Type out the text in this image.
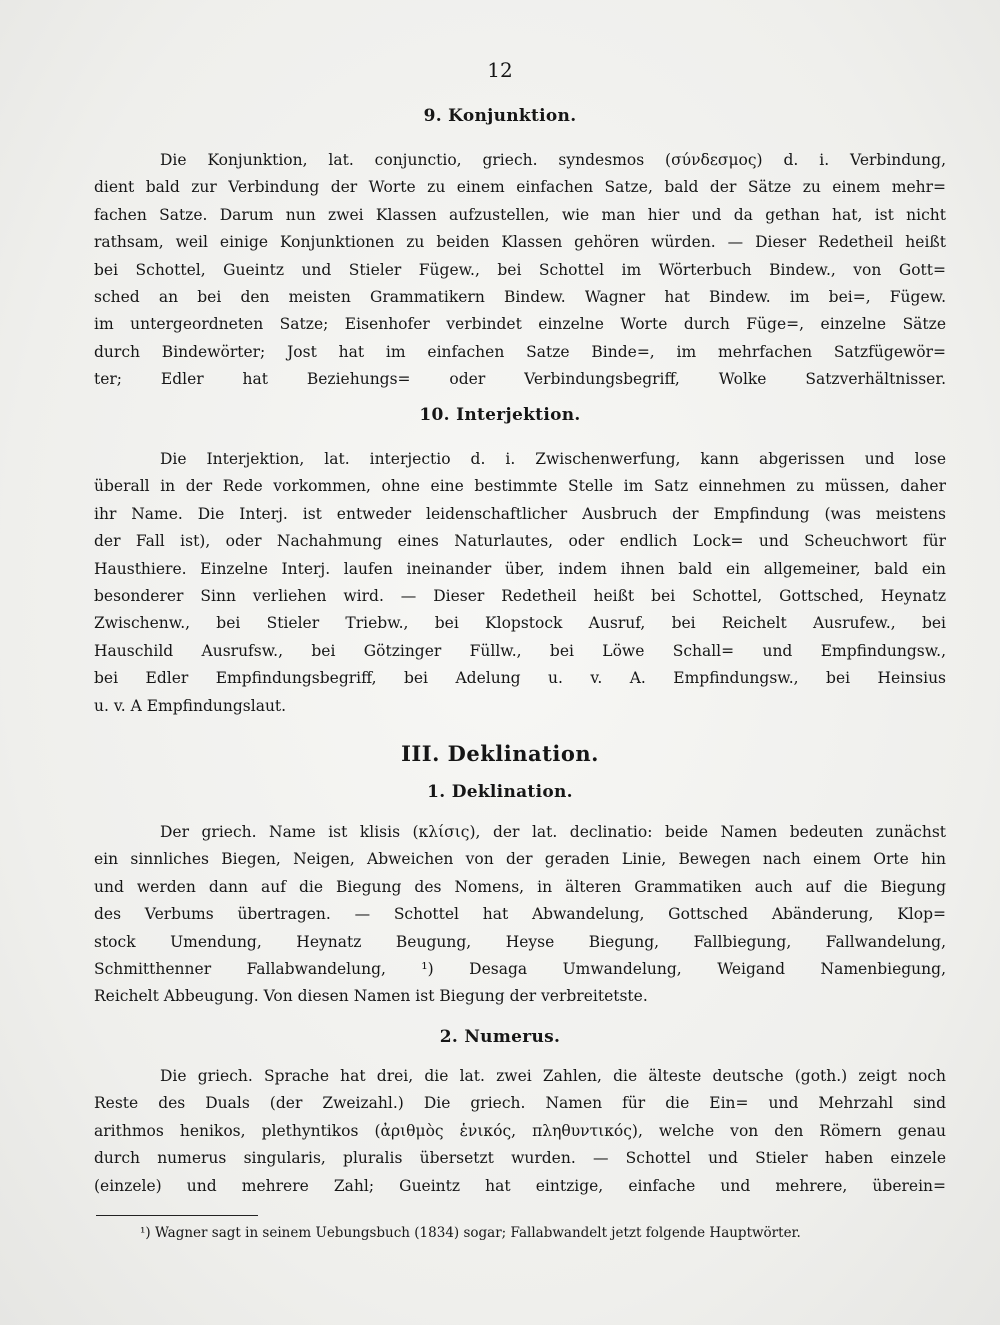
12
9. Konjunktion.
Die Konjunktion, lat. conjunctio, griech. syndesmos (σύνδεσμος) d. i. Verbindung,
dient bald zur Verbindung der Worte zu einem einfachen Satze, bald der Sätze zu einem mehr=
fachen Satze. Darum nun zwei Klassen aufzustellen, wie man hier und da gethan hat, ist nicht
rathsam, weil einige Konjunktionen zu beiden Klassen gehören würden. — Dieser Redetheil heißt
bei Schottel, Gueintz und Stieler Fügew., bei Schottel im Wörterbuch Bindew., von Gott=
sched an bei den meisten Grammatikern Bindew. Wagner hat Bindew. im bei=, Fügew.
im untergeordneten Satze; Eisenhofer verbindet einzelne Worte durch Füge=, einzelne Sätze
durch Bindewörter; Jost hat im einfachen Satze Binde=, im mehrfachen Satzfügewör=
ter; Edler hat Beziehungs= oder Verbindungsbegriff, Wolke Satzverhältnisser.
10. Interjektion.
Die Interjektion, lat. interjectio d. i. Zwischenwerfung, kann abgerissen und lose
überall in der Rede vorkommen, ohne eine bestimmte Stelle im Satz einnehmen zu müssen, daher
ihr Name. Die Interj. ist entweder leidenschaftlicher Ausbruch der Empfindung (was meistens
der Fall ist), oder Nachahmung eines Naturlautes, oder endlich Lock= und Scheuchwort für
Hausthiere. Einzelne Interj. laufen ineinander über, indem ihnen bald ein allgemeiner, bald ein
besonderer Sinn verliehen wird. — Dieser Redetheil heißt bei Schottel, Gottsched, Heynatz
Zwischenw., bei Stieler Triebw., bei Klopstock Ausruf, bei Reichelt Ausrufew., bei
Hauschild Ausrufsw., bei Götzinger Füllw., bei Löwe Schall= und Empfindungsw.,
bei Edler Empfindungsbegriff, bei Adelung u. v. A. Empfindungsw., bei Heinsius
u. v. A Empfindungslaut.
III. Deklination.
1. Deklination.
Der griech. Name ist klisis (κλίσις), der lat. declinatio: beide Namen bedeuten zunächst
ein sinnliches Biegen, Neigen, Abweichen von der geraden Linie, Bewegen nach einem Orte hin
und werden dann auf die Biegung des Nomens, in älteren Grammatiken auch auf die Biegung
des Verbums übertragen. — Schottel hat Abwandelung, Gottsched Abänderung, Klop=
stock Umendung, Heynatz Beugung, Heyse Biegung, Fallbiegung, Fallwandelung,
Schmitthenner Fallabwandelung, ¹) Desaga Umwandelung, Weigand Namenbiegung,
Reichelt Abbeugung. Von diesen Namen ist Biegung der verbreitetste.
2. Numerus.
Die griech. Sprache hat drei, die lat. zwei Zahlen, die älteste deutsche (goth.) zeigt noch
Reste des Duals (der Zweizahl.) Die griech. Namen für die Ein= und Mehrzahl sind
arithmos henikos, plethyntikos (ἀριθμὸς ἑνικός, πληθυντικός), welche von den Römern genau
durch numerus singularis, pluralis übersetzt wurden. — Schottel und Stieler haben einzele
(einzele) und mehrere Zahl; Gueintz hat eintzige, einfache und mehrere, überein=
¹) Wagner sagt in seinem Uebungsbuch (1834) sogar; Fallabwandelt jetzt folgende Hauptwörter.
